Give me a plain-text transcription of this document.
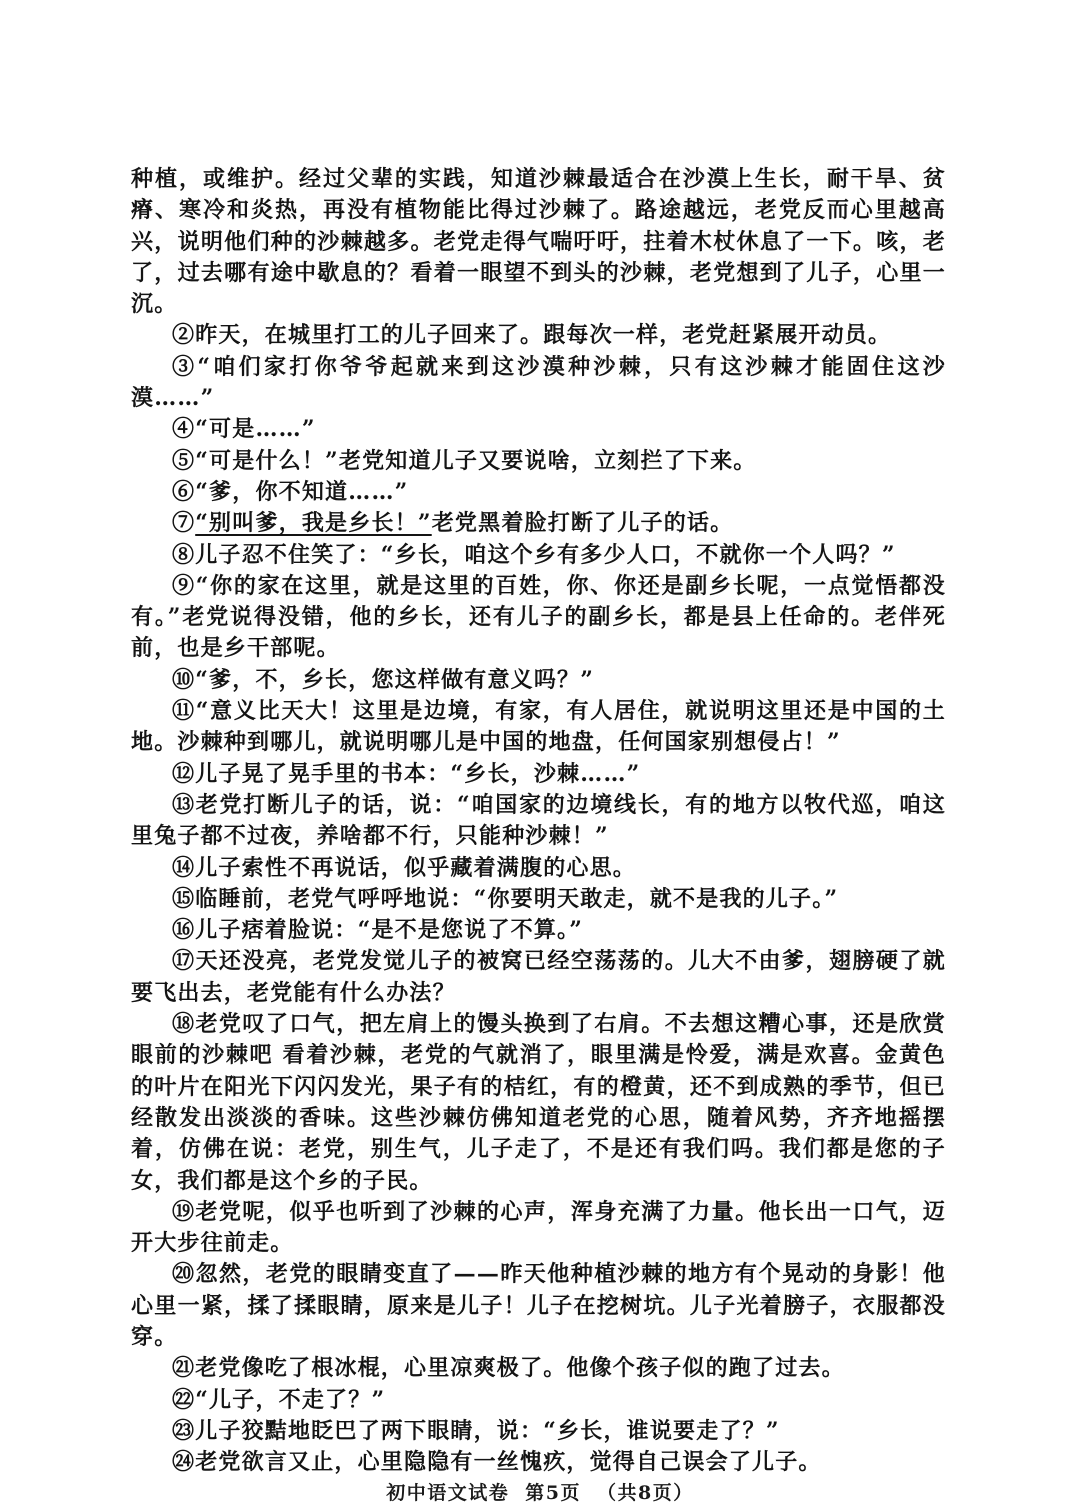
种植，或维护。经过父辈的实践，知道沙棘最适合在沙漠上生长，耐干旱、贫瘠、寒冷和炎热，再没有植物能比得过沙棘了。路途越远，老党反而心里越高兴，说明他们种的沙棘越多。老党走得气喘吁吁，拄着木杖休息了一下。咳，老了，过去哪有途中歇息的？看着一眼望不到头的沙棘，老党想到了儿子，心里一沉。

②昨天，在城里打工的儿子回来了。跟每次一样，老党赶紧展开动员。

③“咱们家打你爷爷起就来到这沙漠种沙棘，只有这沙棘才能固住这沙漠……”

④“可是……”

⑤“可是什么！”老党知道儿子又要说啥，立刻拦了下来。

⑥“爹，你不知道……”

⑦“别叫爹，我是乡长！”老党黑着脸打断了儿子的话。

⑧儿子忍不住笑了：“乡长，咱这个乡有多少人口，不就你一个人吗？”

⑨“你的家在这里，就是这里的百姓，你、你还是副乡长呢，一点觉悟都没有。”老党说得没错，他的乡长，还有儿子的副乡长，都是县上任命的。老伴死前，也是乡干部呢。

⑩“爹，不，乡长，您这样做有意义吗？”

⑪“意义比天大！这里是边境，有家，有人居住，就说明这里还是中国的土地。沙棘种到哪儿，就说明哪儿是中国的地盘，任何国家别想侵占！”

⑫儿子晃了晃手里的书本：“乡长，沙棘……”

⑬老党打断儿子的话，说：“咱国家的边境线长，有的地方以牧代巡，咱这里兔子都不过夜，养啥都不行，只能种沙棘！”

⑭儿子索性不再说话，似乎藏着满腹的心思。

⑮临睡前，老党气呼呼地说：“你要明天敢走，就不是我的儿子。”

⑯儿子痞着脸说：“是不是您说了不算。”

⑰天还没亮，老党发觉儿子的被窝已经空荡荡的。儿大不由爹，翅膀硬了就要飞出去，老党能有什么办法？

⑱老党叹了口气，把左肩上的馒头换到了右肩。不去想这糟心事，还是欣赏眼前的沙棘吧 看着沙棘，老党的气就消了，眼里满是怜爱，满是欢喜。金黄色的叶片在阳光下闪闪发光，果子有的桔红，有的橙黄，还不到成熟的季节，但已经散发出淡淡的香味。这些沙棘仿佛知道老党的心思，随着风势，齐齐地摇摆着，仿佛在说：老党，别生气，儿子走了，不是还有我们吗。我们都是您的子女，我们都是这个乡的子民。

⑲老党呢，似乎也听到了沙棘的心声，浑身充满了力量。他长出一口气，迈开大步往前走。

⑳忽然，老党的眼睛变直了——昨天他种植沙棘的地方有个晃动的身影！他心里一紧，揉了揉眼睛，原来是儿子！儿子在挖树坑。儿子光着膀子，衣服都没穿。

㉑老党像吃了根冰棍，心里凉爽极了。他像个孩子似的跑了过去。

㉒“儿子，不走了？”

㉓儿子狡黠地眨巴了两下眼睛，说：“乡长，谁说要走了？”

㉔老党欲言又止，心里隐隐有一丝愧疚，觉得自己误会了儿子。

初中语文试卷 第5页 （共8页）
